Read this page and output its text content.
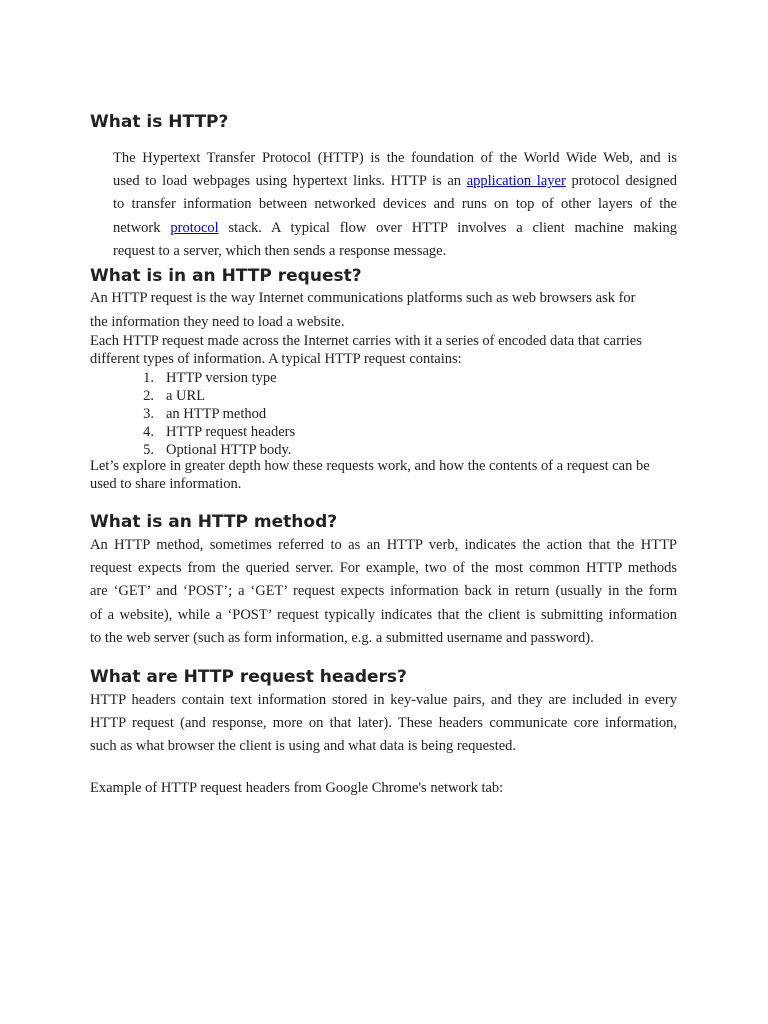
What is HTTP?
The Hypertext Transfer Protocol (HTTP) is the foundation of the World Wide Web, and is
used to load webpages using hypertext links. HTTP is an application layer protocol designed
to transfer information between networked devices and runs on top of other layers of the
network protocol stack. A typical flow over HTTP involves a client machine making
request to a server, which then sends a response message.
What is in an HTTP request?
An HTTP request is the way Internet communications platforms such as web browsers ask for
the information they need to load a website.
Each HTTP request made across the Internet carries with it a series of encoded data that carries
different types of information. A typical HTTP request contains:
1. HTTP version type
2. a URL
3. an HTTP method
4. HTTP request headers
5. Optional HTTP body.
Let’s explore in greater depth how these requests work, and how the contents of a request can be
used to share information.
What is an HTTP method?
An HTTP method, sometimes referred to as an HTTP verb, indicates the action that the HTTP
request expects from the queried server. For example, two of the most common HTTP methods
are ‘GET’ and ‘POST’; a ‘GET’ request expects information back in return (usually in the form
of a website), while a ‘POST’ request typically indicates that the client is submitting information
to the web server (such as form information, e.g. a submitted username and password).
What are HTTP request headers?
HTTP headers contain text information stored in key-value pairs, and they are included in every
HTTP request (and response, more on that later). These headers communicate core information,
such as what browser the client is using and what data is being requested.
Example of HTTP request headers from Google Chrome's network tab:
